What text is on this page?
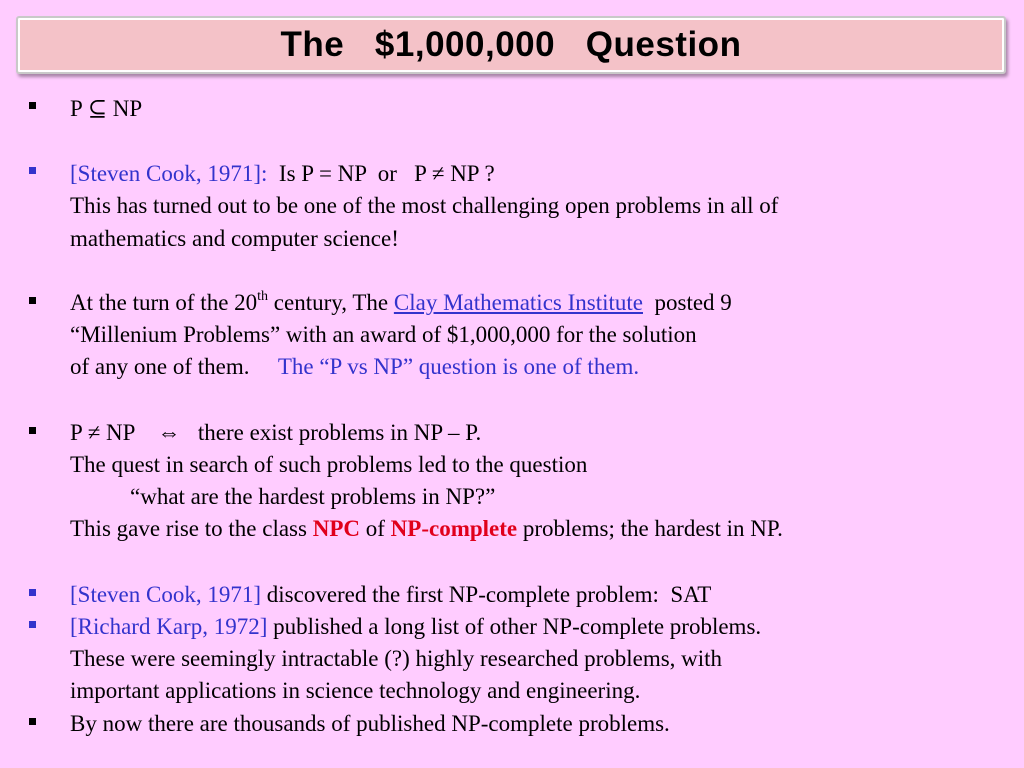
The   $1,000,000   Question
P ⊆ NP
[Steven Cook, 1971]:  Is P = NP  or   P ≠ NP ?
This has turned out to be one of the most challenging open problems in all of
mathematics and computer science!
At the turn of the 20th century, The Clay Mathematics Institute  posted 9
“Millenium Problems” with an award of $1,000,000 for the solution
of any one of them.     The “P vs NP” question is one of them.
P ≠ NP    ⇔   there exist problems in NP – P.
The quest in search of such problems led to the question
“what are the hardest problems in NP?”
This gave rise to the class NPC of NP-complete problems; the hardest in NP.
[Steven Cook, 1971] discovered the first NP-complete problem:  SAT
[Richard Karp, 1972] published a long list of other NP-complete problems.
These were seemingly intractable (?) highly researched problems, with
important applications in science technology and engineering.
By now there are thousands of published NP-complete problems.
